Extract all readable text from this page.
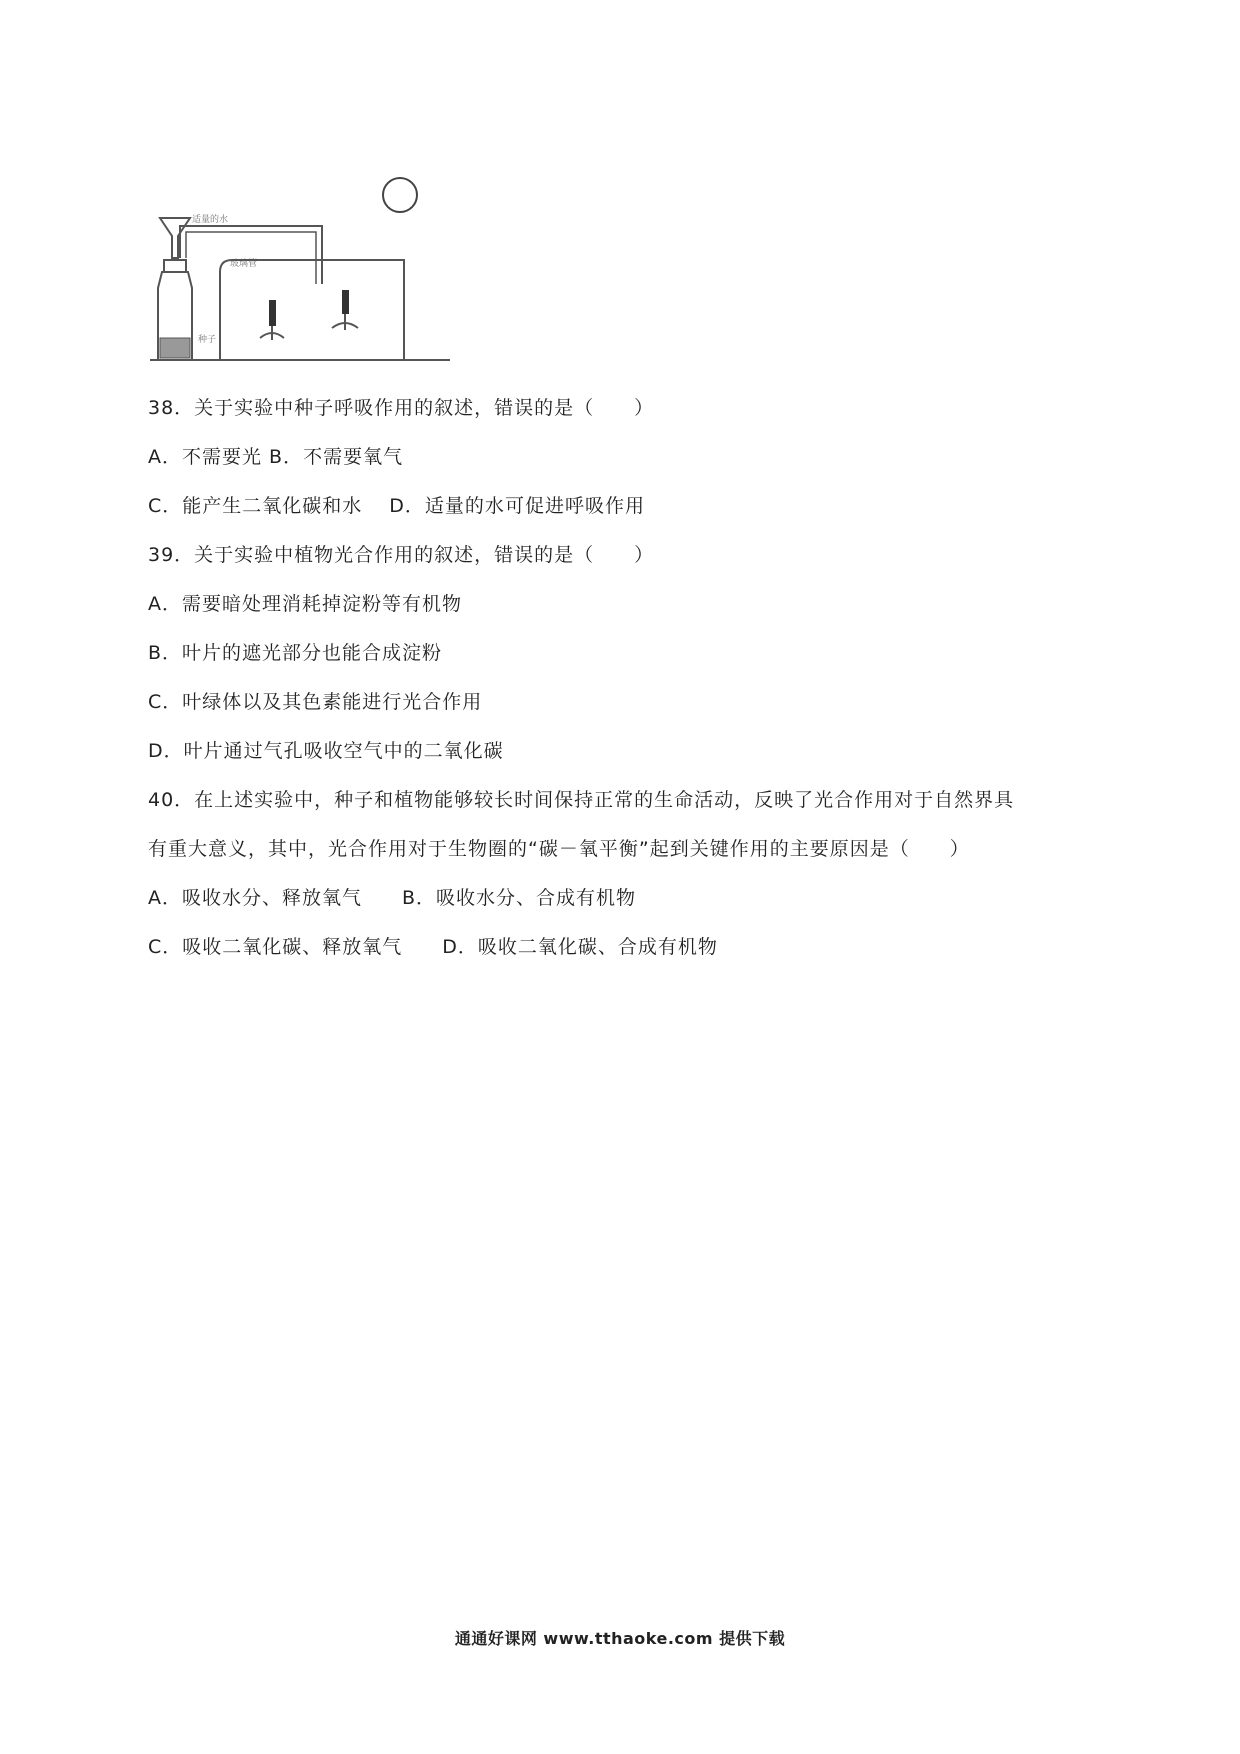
适量的水
种子
玻璃管
38．关于实验中种子呼吸作用的叙述，错误的是（　　）
A．不需要光 B．不需要氧气
C．能产生二氧化碳和水　 D．适量的水可促进呼吸作用
39．关于实验中植物光合作用的叙述，错误的是（　　）
A．需要暗处理消耗掉淀粉等有机物
B．叶片的遮光部分也能合成淀粉
C．叶绿体以及其色素能进行光合作用
D．叶片通过气孔吸收空气中的二氧化碳
40．在上述实验中，种子和植物能够较长时间保持正常的生命活动，反映了光合作用对于自然界具
有重大意义，其中，光合作用对于生物圈的“碳－氧平衡”起到关键作用的主要原因是（　　）
A．吸收水分、释放氧气　　B．吸收水分、合成有机物
C．吸收二氧化碳、释放氧气　　D．吸收二氧化碳、合成有机物
通通好课网 www.tthaoke.com 提供下载
